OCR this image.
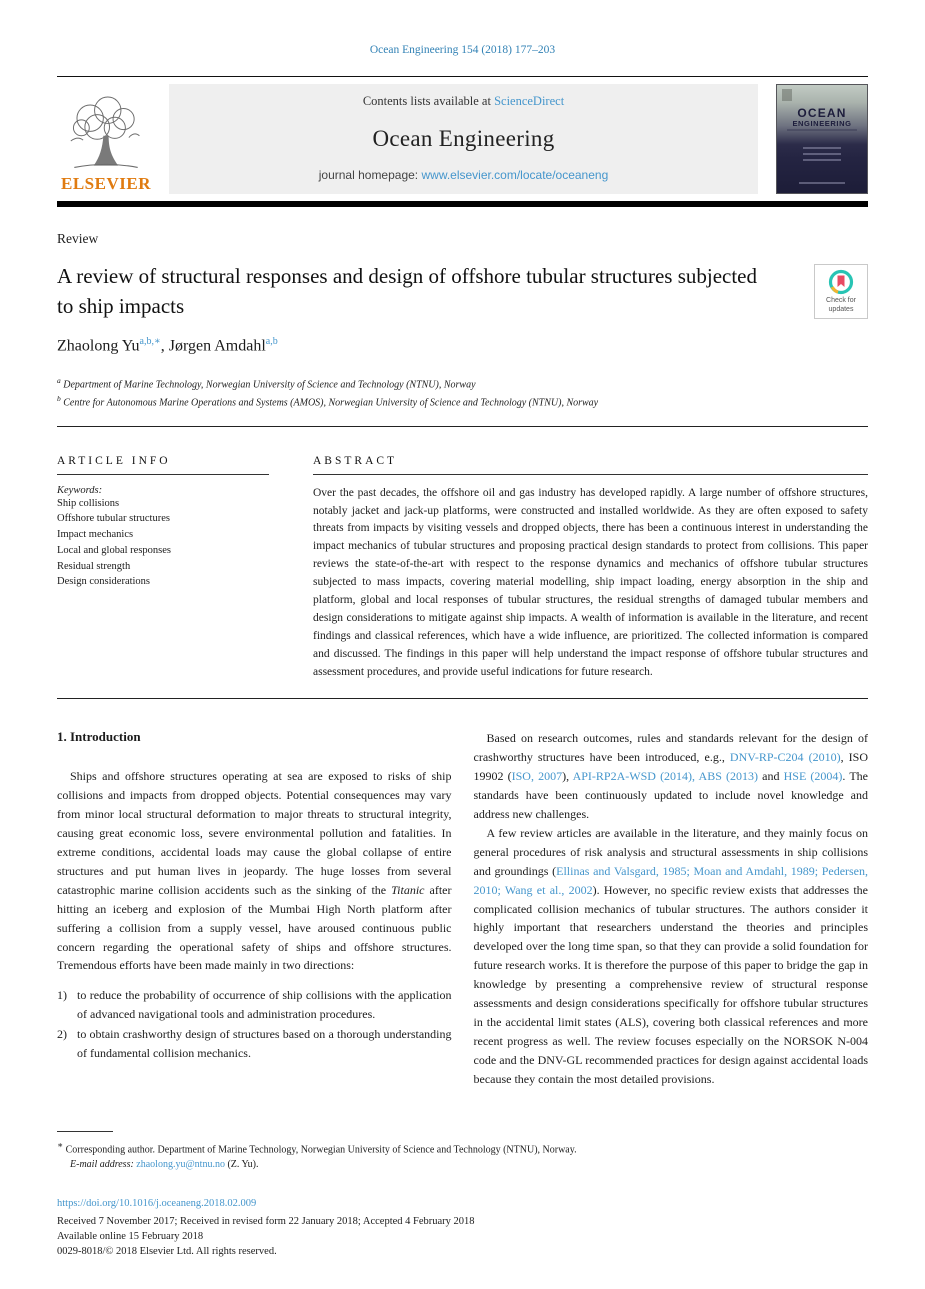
Ocean Engineering 154 (2018) 177–203
ELSEVIER
Contents lists available at ScienceDirect
Ocean Engineering
journal homepage: www.elsevier.com/locate/oceaneng
OCEAN
ENGINEERING
Review
A review of structural responses and design of offshore tubular structures subjected to ship impacts	Check for updates
Zhaolong $Yu^{a,b,∗}$, Jørgen Amdahl$^{a,b}$
$^a$ Department of Marine Technology, Norwegian University of Science and Technology (NTNU), Norway
$^b$ Centre for Autonomous Marine Operations and Systems (AMOS), Norwegian University of Science and Technology (NTNU), Norway
ARTICLE INFO
Keywords:
Ship collisions
Offshore tubular structures
Impact mechanics
Local and global responses
Residual strength
Design considerations
ABSTRACT
Over the past decades, the offshore oil and gas industry has developed rapidly. A large number of offshore structures, notably jacket and jack-up platforms, were constructed and installed worldwide. As they are often exposed to safety threats from impacts by visiting vessels and dropped objects, there has been a continuous interest in understanding the impact mechanics of tubular structures and proposing practical design standards to protect from collisions. This paper reviews the state-of-the-art with respect to the response dynamics and mechanics of offshore tubular structures subjected to mass impacts, covering material modelling, ship impact loading, energy absorption in the ship and platform, global and local responses of tubular structures, the residual strengths of damaged tubular members and design considerations to mitigate against ship impacts. A wealth of information is available in the literature, and recent findings and classical references, which have a wide influence, are prioritized. The collected information is compared and discussed. The findings in this paper will help understand the impact response of offshore tubular structures and assessment procedures, and provide useful indications for future research.
1. Introduction

Ships and offshore structures operating at sea are exposed to risks of ship collisions and impacts from dropped objects. Potential consequences may vary from minor local structural deformation to major threats to structural integrity, causing great economic loss, severe environmental pollution and fatalities. In extreme conditions, accidental loads may cause the global collapse of entire structures and put human lives in jeopardy. The huge losses from several catastrophic marine collision accidents such as the sinking of the Titanic after hitting an iceberg and explosion of the Mumbai High North platform after suffering a collision from a supply vessel, have aroused continuous public concern regarding the operational safety of ships and offshore structures. Tremendous efforts have been made mainly in two directions:

1) to reduce the probability of occurrence of ship collisions with the application of advanced navigational tools and administration procedures.
2) to obtain crashworthy design of structures based on a thorough understanding of fundamental collision mechanics.

Based on research outcomes, rules and standards relevant for the design of crashworthy structures have been introduced, e.g., DNV-RP-C204 (2010), ISO 19902 (ISO, 2007), API-RP2A-WSD (2014), ABS (2013) and HSE (2004). The standards have been continuously updated to include novel knowledge and address new challenges.

A few review articles are available in the literature, and they mainly focus on general procedures of risk analysis and structural assessments in ship collisions and groundings (Ellinas and Valsgard, 1985; Moan and Amdahl, 1989; Pedersen, 2010; Wang et al., 2002). However, no specific review exists that addresses the complicated collision mechanics of tubular structures. The authors consider it highly important that researchers understand the theories and principles developed over the long time span, so that they can provide a solid foundation for future research works. It is therefore the purpose of this paper to bridge the gap in knowledge by presenting a comprehensive review of structural response assessments and design considerations specifically for offshore tubular structures in the accidental limit states (ALS), covering both classical references and more recent progress as well. The review focuses especially on the NORSOK N-004 code and the DNV-GL recommended practices for design against accidental loads because they contain the most detailed provisions.

∗ Corresponding author. Department of Marine Technology, Norwegian University of Science and Technology (NTNU), Norway.
E-mail address: zhaolong.yu@ntnu.no (Z. Yu).
https://doi.org/10.1016/j.oceaneng.2018.02.009
Received 7 November 2017; Received in revised form 22 January 2018; Accepted 4 February 2018
Available online 15 February 2018
0029-8018/© 2018 Elsevier Ltd. All rights reserved.
